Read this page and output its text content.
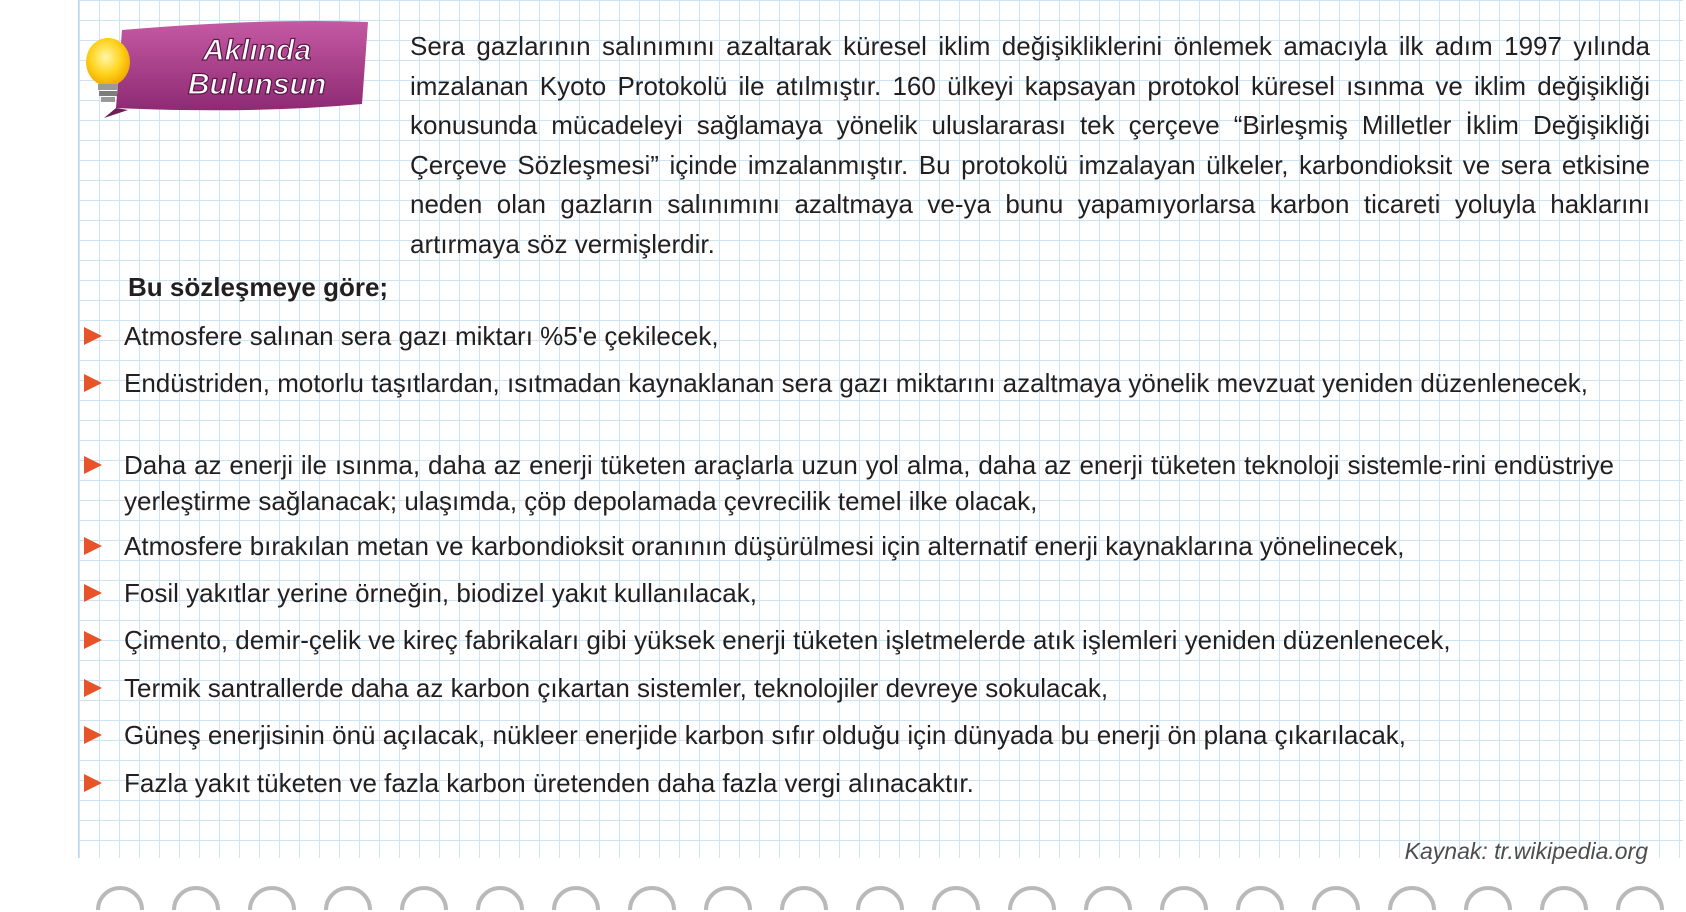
Aklında
Bulunsun

Sera gazlarının salınımını azaltarak küresel iklim değişikliklerini önlemek amacıyla ilk adım 1997 yılında imzalanan Kyoto Protokolü ile atılmıştır. 160 ülkeyi kapsayan protokol küresel ısınma ve iklim değişikliği konusunda mücadeleyi sağlamaya yönelik uluslararası tek çerçeve “Birleşmiş Milletler İklim Değişikliği Çerçeve Sözleşmesi” içinde imzalanmıştır. Bu protokolü imzalayan ülkeler, karbondioksit ve sera etkisine neden olan gazların salınımını azaltmaya ve-ya bunu yapamıyorlarsa karbon ticareti yoluyla haklarını artırmaya söz vermişlerdir.

Bu sözleşmeye göre;

Atmosfere salınan sera gazı miktarı %5'e çekilecek,
Endüstriden, motorlu taşıtlardan, ısıtmadan kaynaklanan sera gazı miktarını azaltmaya yönelik mevzuat yeniden düzenlenecek,
Daha az enerji ile ısınma, daha az enerji tüketen araçlarla uzun yol alma, daha az enerji tüketen teknoloji sistemle-rini endüstriye yerleştirme sağlanacak; ulaşımda, çöp depolamada çevrecilik temel ilke olacak,
Atmosfere bırakılan metan ve karbondioksit oranının düşürülmesi için alternatif enerji kaynaklarına yönelinecek,
Fosil yakıtlar yerine örneğin, biodizel yakıt kullanılacak,
Çimento, demir-çelik ve kireç fabrikaları gibi yüksek enerji tüketen işletmelerde atık işlemleri yeniden düzenlenecek,
Termik santrallerde daha az karbon çıkartan sistemler, teknolojiler devreye sokulacak,
Güneş enerjisinin önü açılacak, nükleer enerjide karbon sıfır olduğu için dünyada bu enerji ön plana çıkarılacak,
Fazla yakıt tüketen ve fazla karbon üretenden daha fazla vergi alınacaktır.
Kaynak: tr.wikipedia.org
